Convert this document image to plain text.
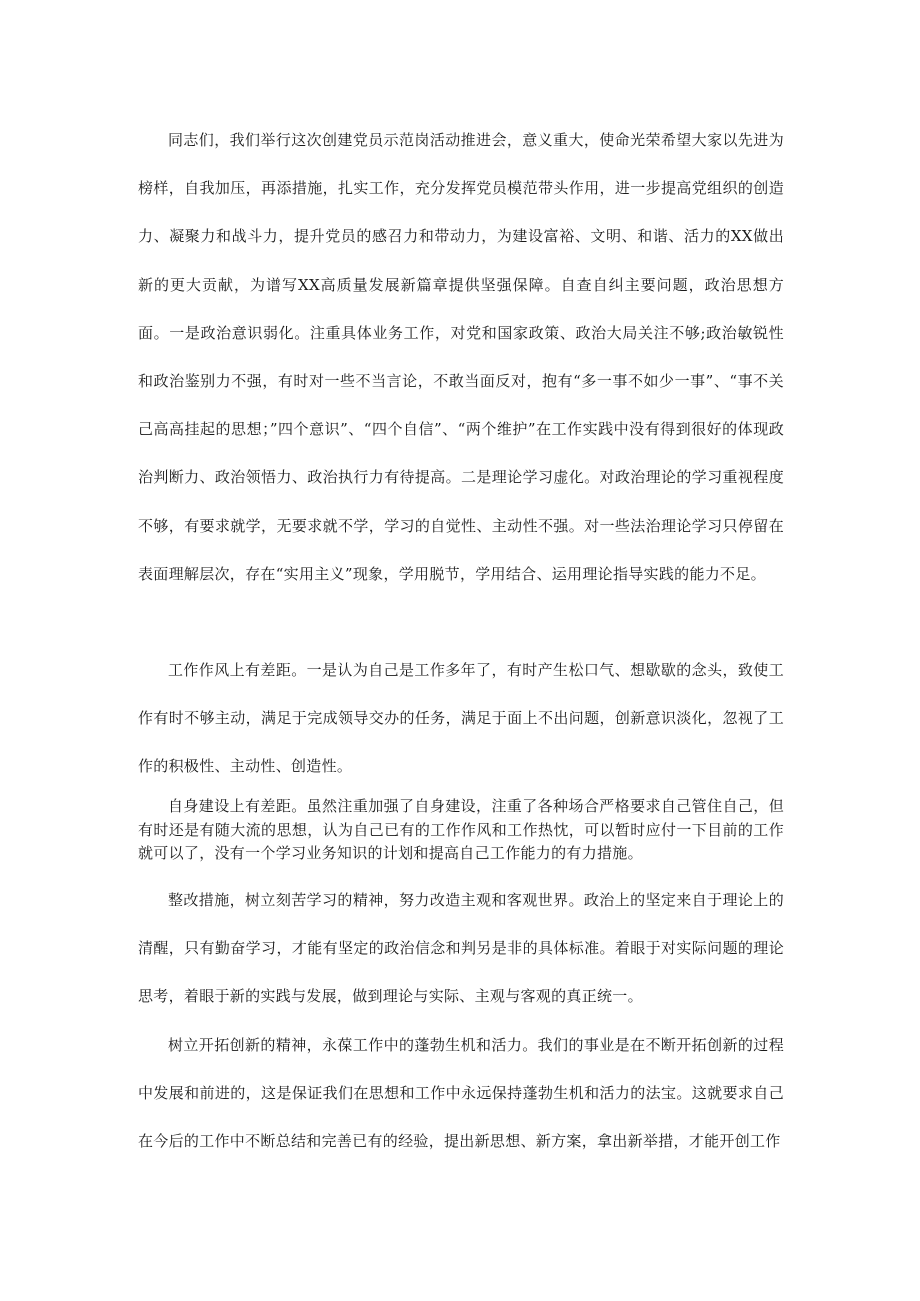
同志们，我们举行这次创建党员示范岗活动推进会，意义重大，使命光荣希望大家以先进为榜样，自我加压，再添措施，扎实工作，充分发挥党员模范带头作用，进一步提高党组织的创造力、凝聚力和战斗力，提升党员的感召力和带动力，为建设富裕、文明、和谐、活力的XX做出新的更大贡献，为谱写XX高质量发展新篇章提供坚强保障。自查自纠主要问题，政治思想方面。一是政治意识弱化。注重具体业务工作，对党和国家政策、政治大局关注不够;政治敏锐性和政治鉴别力不强，有时对一些不当言论，不敢当面反对，抱有“多一事不如少一事”、“事不关己高高挂起的思想；”四个意识”、“四个自信”、“两个维护”在工作实践中没有得到很好的体现政治判断力、政治领悟力、政治执行力有待提高。二是理论学习虚化。对政治理论的学习重视程度不够，有要求就学，无要求就不学，学习的自觉性、主动性不强。对一些法治理论学习只停留在表面理解层次，存在“实用主义”现象，学用脱节，学用结合、运用理论指导实践的能力不足。

工作作风上有差距。一是认为自己是工作多年了，有时产生松口气、想歇歇的念头，致使工作有时不够主动，满足于完成领导交办的任务，满足于面上不出问题，创新意识淡化，忽视了工作的积极性、主动性、创造性。

自身建设上有差距。虽然注重加强了自身建设，注重了各种场合严格要求自己管住自己，但有时还是有随大流的思想，认为自己已有的工作作风和工作热忱，可以暂时应付一下目前的工作就可以了，没有一个学习业务知识的计划和提高自己工作能力的有力措施。

整改措施，树立刻苦学习的精神，努力改造主观和客观世界。政治上的坚定来自于理论上的清醒，只有勤奋学习，才能有坚定的政治信念和判另是非的具体标准。着眼于对实际问题的理论思考，着眼于新的实践与发展，做到理论与实际、主观与客观的真正统一。

树立开拓创新的精神，永葆工作中的蓬勃生机和活力。我们的事业是在不断开拓创新的过程中发展和前进的，这是保证我们在思想和工作中永远保持蓬勃生机和活力的法宝。这就要求自己在今后的工作中不断总结和完善已有的经验，提出新思想、新方案，拿出新举措，才能开创工作
